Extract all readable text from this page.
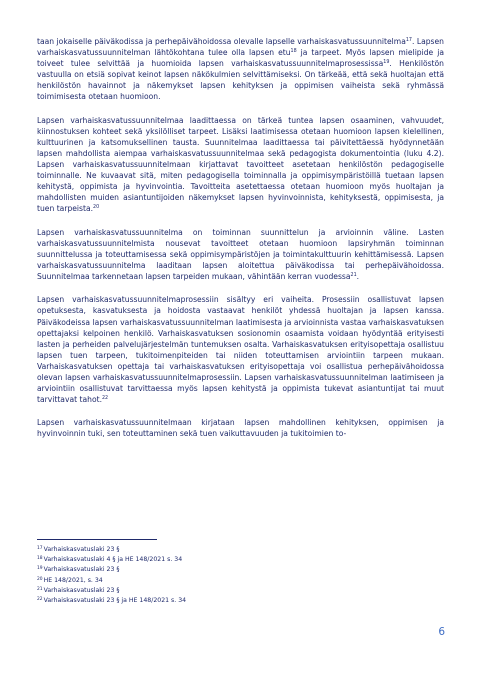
taan jokaiselle päiväkodissa ja perhepäivähoidossa olevalle lapselle varhaiskasvatussuunnitelma$^{17}$. Lapsen varhaiskasvatussuunnitelman lähtökohtana tulee olla lapsen etu$^{18}$ ja tarpeet. Myös lapsen mielipide ja toiveet tulee selvittää ja huomioida lapsen varhaiskasvatussuunnitelmaprosessissa$^{19}$. Henkilöstön vastuulla on etsiä sopivat keinot lapsen näkökulmien selvittämiseksi. On tärkeää, että sekä huoltajan että henkilöstön havainnot ja näkemykset lapsen kehityksen ja oppimisen vaiheista sekä ryhmässä toimimisesta otetaan huomioon.

Lapsen varhaiskasvatussuunnitelmaa laadittaessa on tärkeä tuntea lapsen osaaminen, vahvuudet, kiinnostuksen kohteet sekä yksilölliset tarpeet. Lisäksi laatimisessa otetaan huomioon lapsen kielellinen, kulttuurinen ja katsomuksellinen tausta. Suunnitelmaa laadittaessa tai päivitettäessä hyödynnetään lapsen mahdollista aiempaa varhaiskasvatussuunnitelmaa sekä pedagogista dokumentointia (luku 4.2). Lapsen varhaiskasvatussuunnitelmaan kirjattavat tavoitteet asetetaan henkilöstön pedagogiselle toiminnalle. Ne kuvaavat sitä, miten pedagogisella toiminnalla ja oppimisympäristöillä tuetaan lapsen kehitystä, oppimista ja hyvinvointia. Tavoitteita asetettaessa otetaan huomioon myös huoltajan ja mahdollisten muiden asiantuntijoiden näkemykset lapsen hyvinvoinnista, kehityksestä, oppimisesta, ja tuen tarpeista.$^{20}$

Lapsen varhaiskasvatussuunnitelma on toiminnan suunnittelun ja arvioinnin väline. Lasten varhaiskasvatussuunnitelmista nousevat tavoitteet otetaan huomioon lapsiryhmän toiminnan suunnittelussa ja toteuttamisessa sekä oppimisympäristöjen ja toimintakulttuurin kehittämisessä. Lapsen varhaiskasvatussuunnitelma laaditaan lapsen aloitettua päiväkodissa tai perhepäivähoidossa. Suunnitelmaa tarkennetaan lapsen tarpeiden mukaan, vähintään kerran vuodessa$^{21}$.

Lapsen varhaiskasvatussuunnitelmaprosessiin sisältyy eri vaiheita. Prosessiin osallistuvat lapsen opetuksesta, kasvatuksesta ja hoidosta vastaavat henkilöt yhdessä huoltajan ja lapsen kanssa. Päiväkodeissa lapsen varhaiskasvatussuunnitelman laatimisesta ja arvioinnista vastaa varhaiskasvatuksen opettajaksi kelpoinen henkilö. Varhaiskasvatuksen sosionomin osaamista voidaan hyödyntää erityisesti lasten ja perheiden palvelujärjestelmän tuntemuksen osalta. Varhaiskasvatuksen erityisopettaja osallistuu lapsen tuen tarpeen, tukitoimenpiteiden tai niiden toteuttamisen arviointiin tarpeen mukaan. Varhaiskasvatuksen opettaja tai varhaiskasvatuksen erityisopettaja voi osallistua perhepäivähoidossa olevan lapsen varhaiskasvatussuunnitelmaprosessiin. Lapsen varhaiskasvatussuunnitelman laatimiseen ja arviointiin osallistuvat tarvittaessa myös lapsen kehitystä ja oppimista tukevat asiantuntijat tai muut tarvittavat tahot.$^{22}$

Lapsen varhaiskasvatussuunnitelmaan kirjataan lapsen mahdollinen kehityksen, oppimisen ja hyvinvoinnin tuki, sen toteuttaminen sekä tuen vaikuttavuuden ja tukitoimien to-

$^{17}$Varhaiskasvatuslaki 23 §

$^{18}$Varhaiskasvatuslaki 4 § ja HE 148/2021 s. 34

$^{19}$Varhaiskasvatuslaki 23 §

$^{20}$HE 148/2021, s. 34

$^{21}$Varhaiskasvatuslaki 23 §

$^{22}$Varhaiskasvatuslaki 23 § ja HE 148/2021 s. 34

6
